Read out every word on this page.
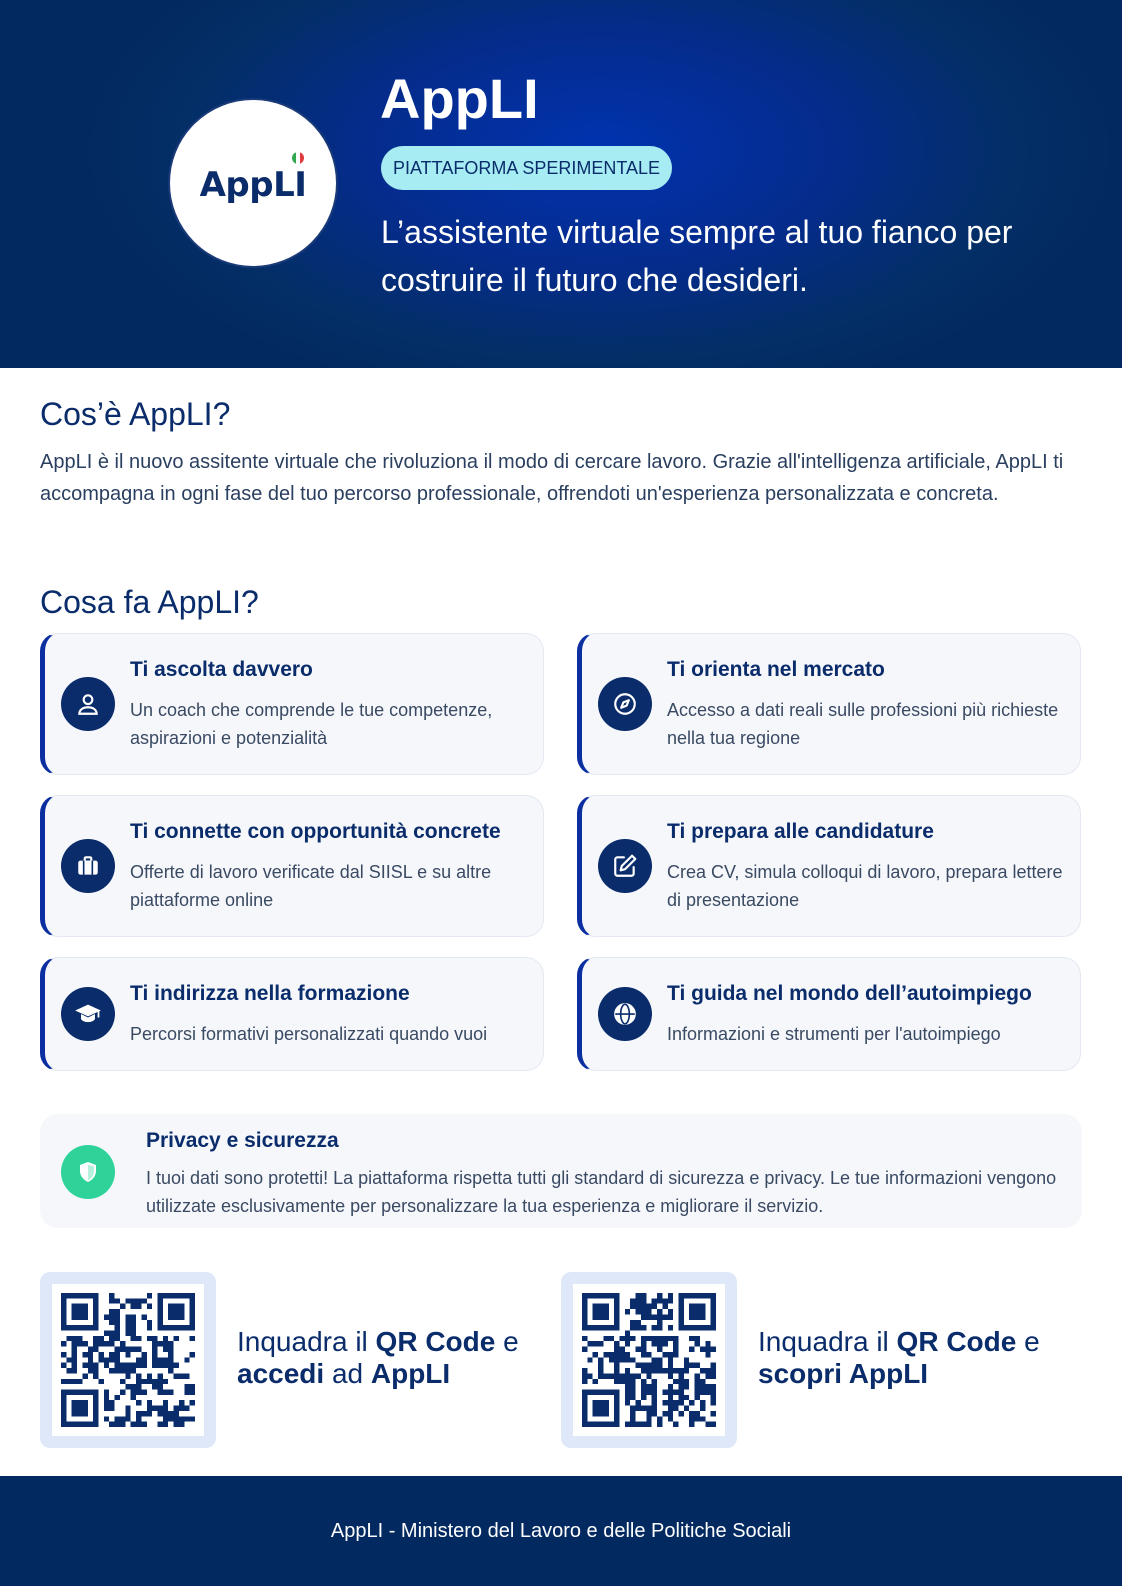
AppLI
AppLI
PIATTAFORMA SPERIMENTALE
L’assistente virtuale sempre al tuo fianco per costruire il futuro che desideri.
Cos’è AppLI?
AppLI è il nuovo assitente virtuale che rivoluziona il modo di cercare lavoro. Grazie all'intelligenza artificiale, AppLI ti accompagna in ogni fase del tuo percorso professionale, offrendoti un'esperienza personalizzata e concreta.
Cosa fa AppLI?
Ti ascolta davvero
Un coach che comprende le tue competenze, aspirazioni e potenzialità
Ti orienta nel mercato
Accesso a dati reali sulle professioni più richieste nella tua regione
Ti connette con opportunità concrete
Offerte di lavoro verificate dal SIISL e su altre piattaforme online
Ti prepara alle candidature
Crea CV, simula colloqui di lavoro, prepara lettere di presentazione
Ti indirizza nella formazione
Percorsi formativi personalizzati quando vuoi
Ti guida nel mondo dell’autoimpiego
Informazioni e strumenti per l'autoimpiego
Privacy e sicurezza
I tuoi dati sono protetti! La piattaforma rispetta tutti gli standard di sicurezza e privacy. Le tue informazioni vengono utilizzate esclusivamente per personalizzare la tua esperienza e migliorare il servizio.
Inquadra il QR Code e
accedi ad AppLI
Inquadra il QR Code e
scopri AppLI
AppLI - Ministero del Lavoro e delle Politiche Sociali
